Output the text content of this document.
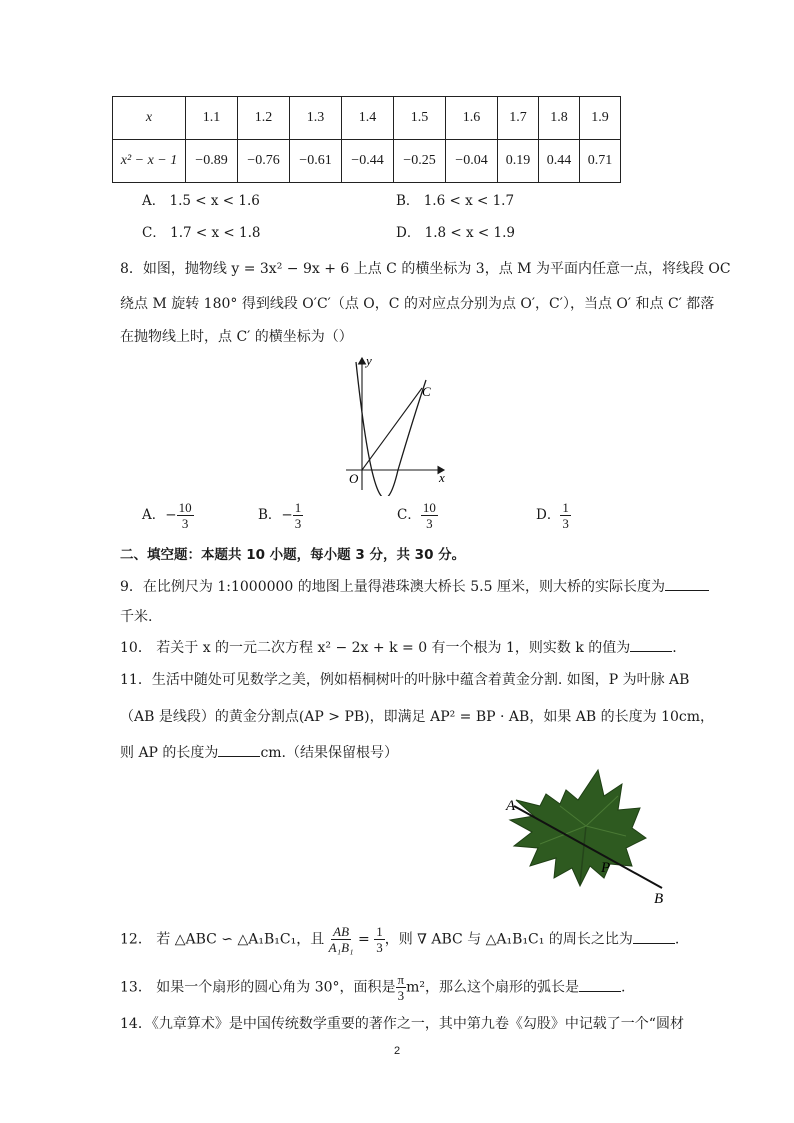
x	1.1	1.2	1.3	1.4	1.5	1.6	1.7	1.8	1.9
x² − x − 1	−0.89	−0.76	−0.61	−0.44	−0.25	−0.04	0.19	0.44	0.71
A． 1.5 < x < 1.6	B． 1.6 < x < 1.7
C． 1.7 < x < 1.8	D． 1.8 < x < 1.9
8．如图，抛物线 y = 3x² − 9x + 6 上点 C 的横坐标为 3，点 M 为平面内任意一点，将线段 OC
绕点 M 旋转 180° 得到线段 O′C′（点 O，C 的对应点分别为点 O′，C′），当点 O′ 和点 C′ 都落
在抛物线上时，点 C′ 的横坐标为（）
y
x
O
C
A．− $\frac{10}{3}$	B．− $\frac{1}{3}$	C． $\frac{10}{3}$	D． $\frac{1}{3}$
二、填空题：本题共 10 小题，每小题 3 分，共 30 分。
9．在比例尺为 1:1000000 的地图上量得港珠澳大桥长 5.5 厘米，则大桥的实际长度为
千米.
10． 若关于 x 的一元二次方程 x² − 2x + k = 0 有一个根为 1，则实数 k 的值为	.
11．生活中随处可见数学之美，例如梧桐树叶的叶脉中蕴含着黄金分割. 如图，P 为叶脉 AB
（AB 是线段）的黄金分割点(AP > PB)，即满足 AP² = BP · AB，如果 AB 的长度为 10cm，
则 AP 的长度为	cm.（结果保留根号）
A
P
B
12． 若 △ABC ∽ △A₁B₁C₁，且 $\frac{AB}{\text{A₁B₁}} = \frac{1}{3}$ ，则 ∇ ABC 与 △A₁B₁C₁ 的周长之比为	.
13． 如果一个扇形的圆心角为 30°，面积是 $\frac{\pi}{3} m^2$，那么这个扇形的弧长是	.
14．《九章算术》是中国传统数学重要的著作之一，其中第九卷《勾股》中记载了一个“圆材
2
